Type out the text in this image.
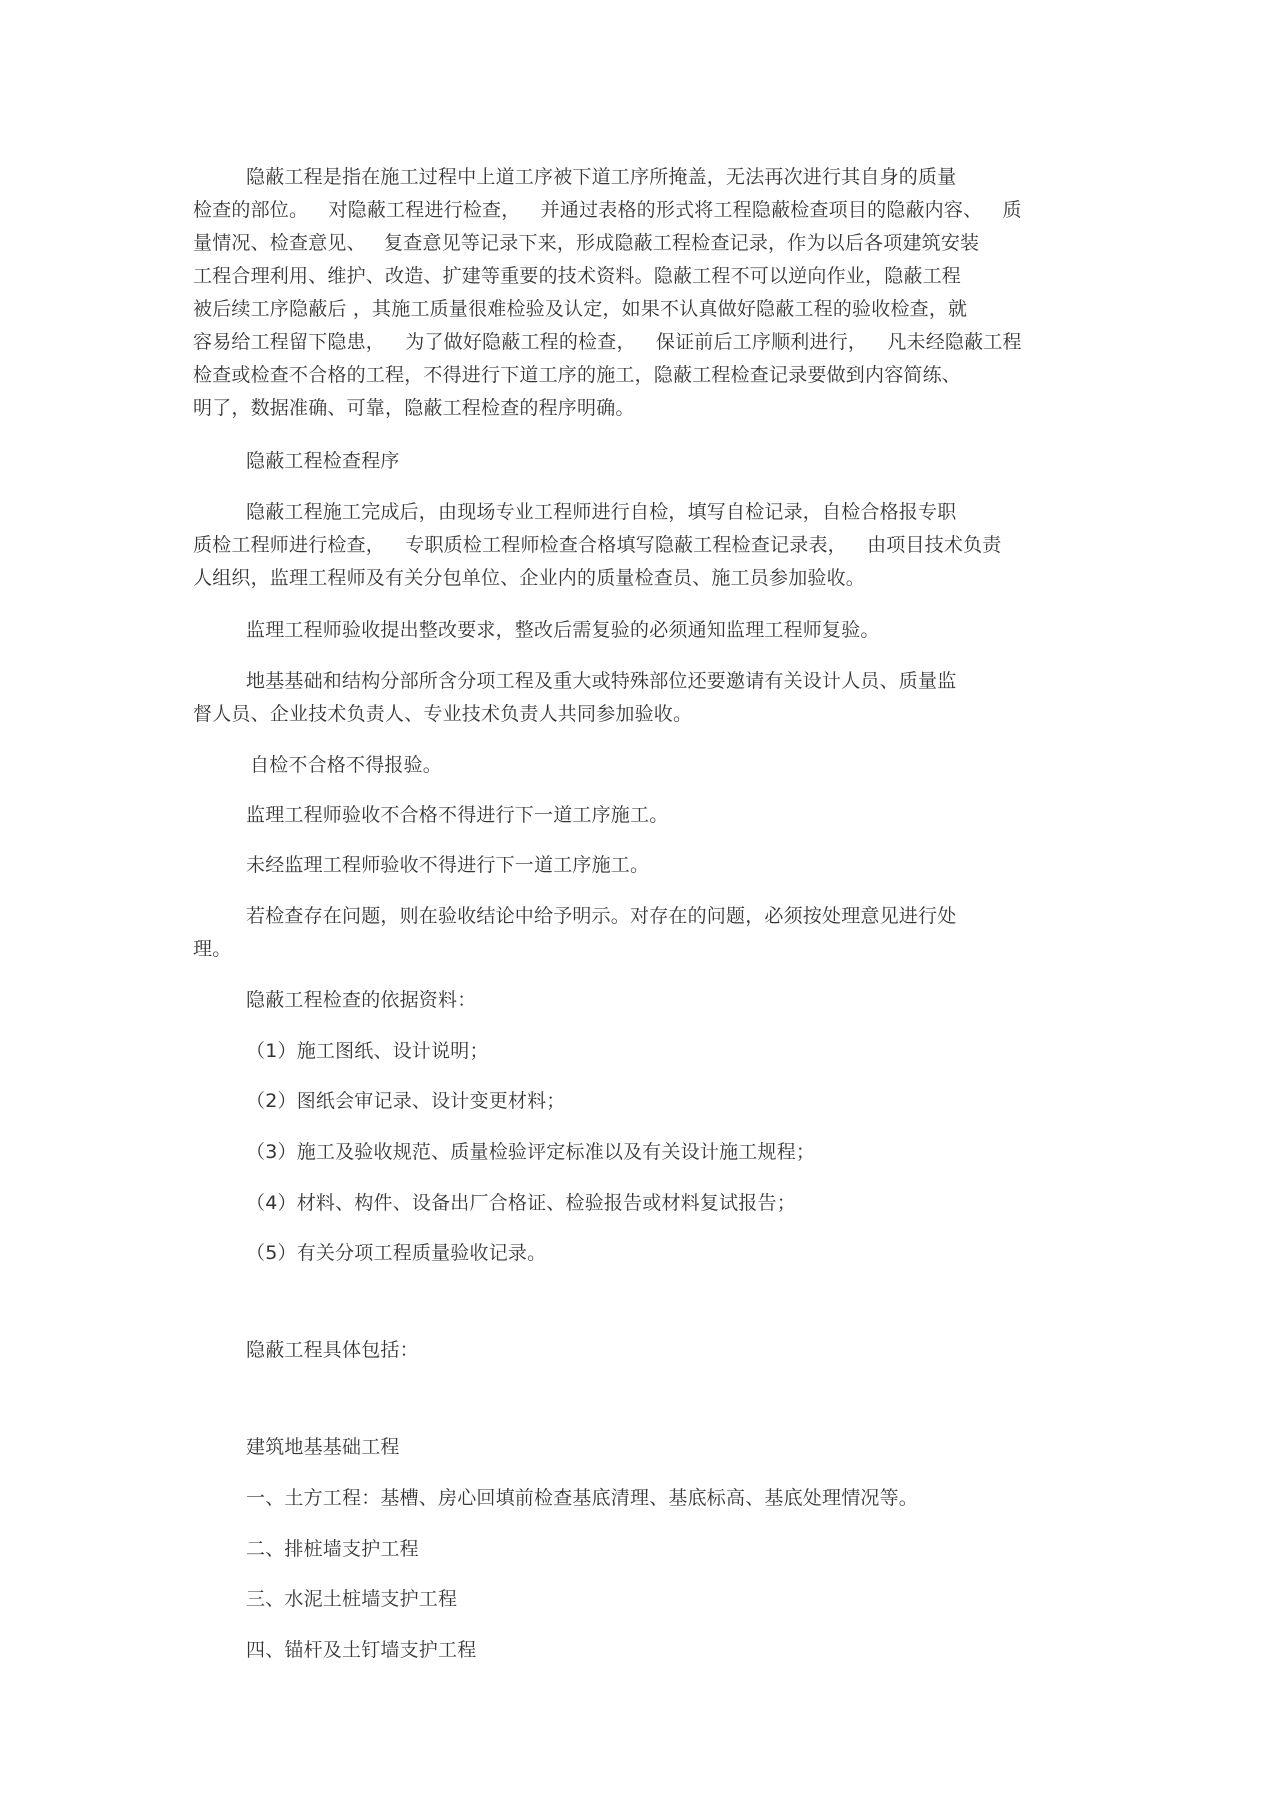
隐蔽工程是指在施工过程中上道工序被下道工序所掩盖，无法再次进行其自身的质量
检查的部位。 对隐蔽工程进行检查， 并通过表格的形式将工程隐蔽检查项目的隐蔽内容、 质
量情况、检查意见、 复查意见等记录下来，形成隐蔽工程检查记录，作为以后各项建筑安装
工程合理利用、维护、改造、扩建等重要的技术资料。隐蔽工程不可以逆向作业，隐蔽工程
被后续工序隐蔽后 ，其施工质量很难检验及认定，如果不认真做好隐蔽工程的验收检查，就
容易给工程留下隐患， 为了做好隐蔽工程的检查， 保证前后工序顺利进行， 凡未经隐蔽工程
检查或检查不合格的工程，不得进行下道工序的施工，隐蔽工程检查记录要做到内容简练、
明了，数据准确、可靠，隐蔽工程检查的程序明确。
隐蔽工程检查程序
隐蔽工程施工完成后，由现场专业工程师进行自检，填写自检记录，自检合格报专职
质检工程师进行检查， 专职质检工程师检查合格填写隐蔽工程检查记录表， 由项目技术负责
人组织，监理工程师及有关分包单位、企业内的质量检查员、施工员参加验收。
监理工程师验收提出整改要求，整改后需复验的必须通知监理工程师复验。
地基基础和结构分部所含分项工程及重大或特殊部位还要邀请有关设计人员、质量监
督人员、企业技术负责人、专业技术负责人共同参加验收。
自检不合格不得报验。
监理工程师验收不合格不得进行下一道工序施工。
未经监理工程师验收不得进行下一道工序施工。
若检查存在问题，则在验收结论中给予明示。对存在的问题，必须按处理意见进行处
理。
隐蔽工程检查的依据资料：
（1）施工图纸、设计说明；
（2）图纸会审记录、设计变更材料；
（3）施工及验收规范、质量检验评定标准以及有关设计施工规程；
（4）材料、构件、设备出厂合格证、检验报告或材料复试报告；
（5）有关分项工程质量验收记录。
隐蔽工程具体包括：
建筑地基基础工程
一、土方工程：基槽、房心回填前检查基底清理、基底标高、基底处理情况等。
二、排桩墙支护工程
三、水泥土桩墙支护工程
四、锚杆及土钉墙支护工程
